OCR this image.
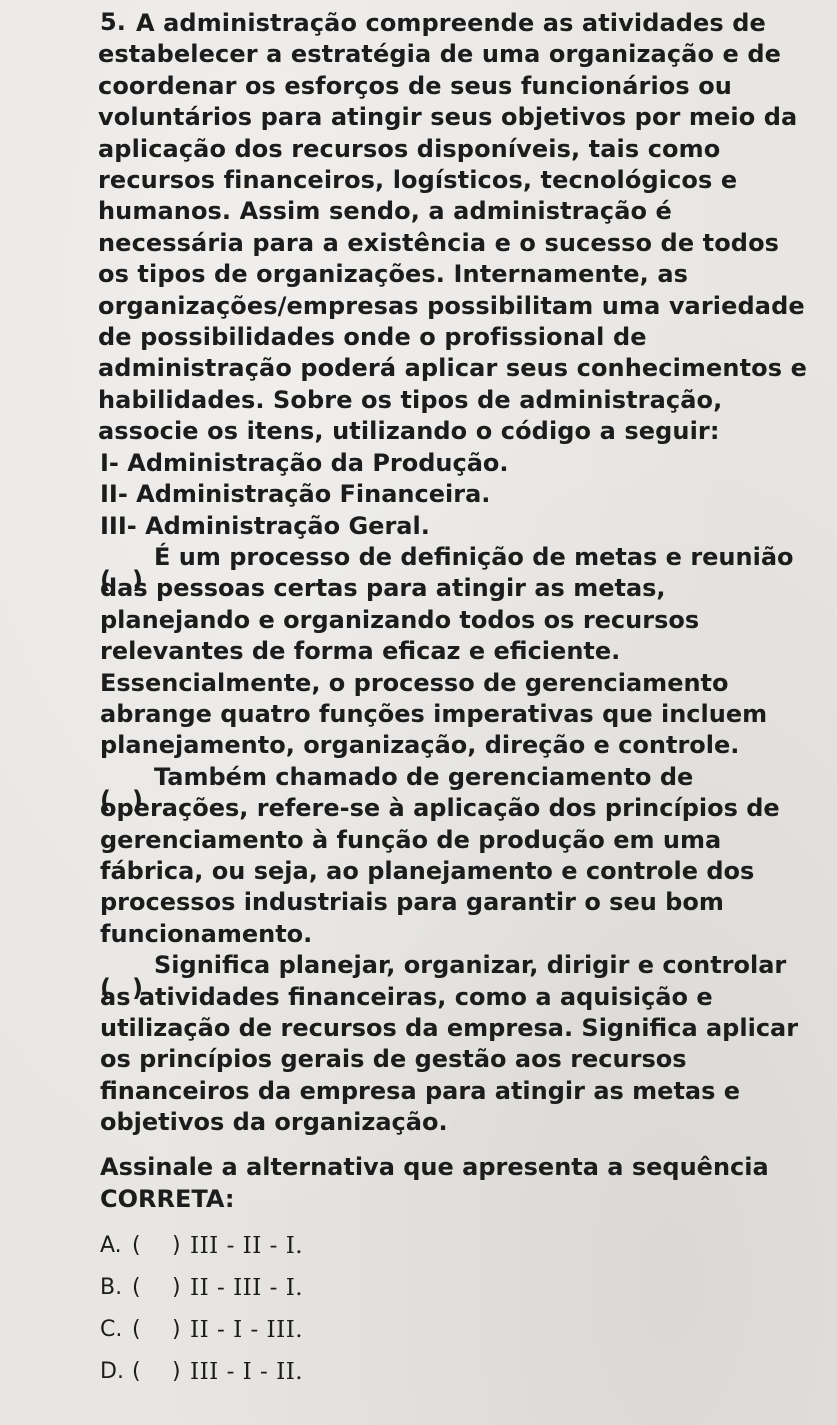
5. A administração compreende as atividades de estabelecer a estratégia de uma organização e de coordenar os esforços de seus funcionários ou voluntários para atingir seus objetivos por meio da aplicação dos recursos disponíveis, tais como recursos financeiros, logísticos, tecnológicos e humanos. Assim sendo, a administração é necessária para a existência e o sucesso de todos os tipos de organizações. Internamente, as organizações/empresas possibilitam uma variedade de possibilidades onde o profissional de administração poderá aplicar seus conhecimentos e habilidades. Sobre os tipos de administração, associe os itens, utilizando o código a seguir:

I- Administração da Produção.

II- Administração Financeira.

III- Administração Geral.

É um processo de definição de metas e reunião das pessoas certas para atingir as metas, planejando e organizando todos os recursos relevantes de forma eficaz e eficiente. Essencialmente, o processo de gerenciamento abrange quatro funções imperativas que incluem planejamento, organização, direção e controle.

Também chamado de gerenciamento de operações, refere-se à aplicação dos princípios de gerenciamento à função de produção em uma fábrica, ou seja, ao planejamento e controle dos processos industriais para garantir o seu bom funcionamento.

Significa planejar, organizar, dirigir e controlar as atividades financeiras, como a aquisição e utilização de recursos da empresa. Significa aplicar os princípios gerais de gestão aos recursos financeiros da empresa para atingir as metas e objetivos da organização.

Assinale a alternativa que apresenta a sequência CORRETA:

A. ( ) III - II - I.
B. ( ) II - III - I.
C. ( ) II - I - III.
D. ( ) III - I - II.
